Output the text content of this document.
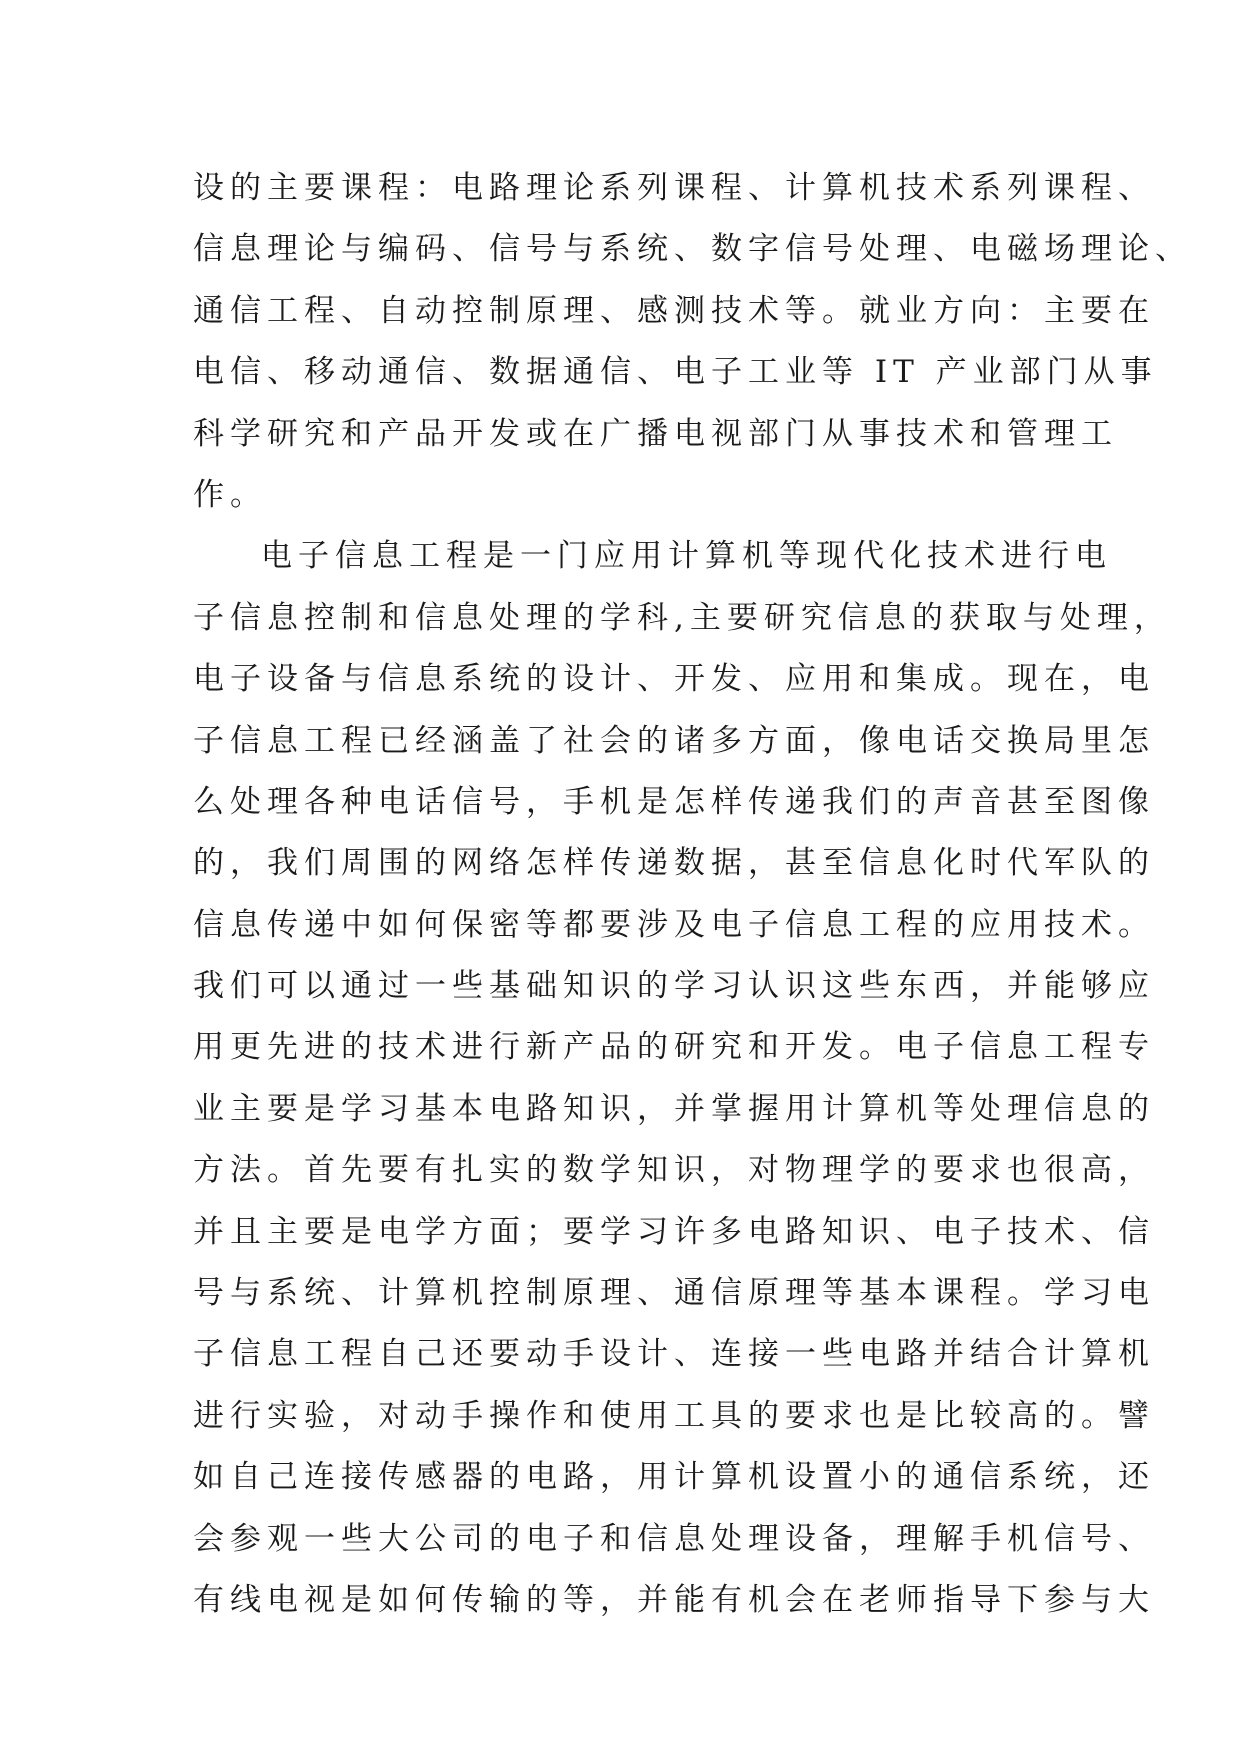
设的主要课程：电路理论系列课程、计算机技术系列课程、
信息理论与编码、信号与系统、数字信号处理、电磁场理论、
通信工程、自动控制原理、感测技术等。就业方向：主要在
电信、移动通信、数据通信、电子工业等 IT 产业部门从事
科学研究和产品开发或在广播电视部门从事技术和管理工
作。
电子信息工程是一门应用计算机等现代化技术进行电
子信息控制和信息处理的学科,主要研究信息的获取与处理，
电子设备与信息系统的设计、开发、应用和集成。现在，电
子信息工程已经涵盖了社会的诸多方面，像电话交换局里怎
么处理各种电话信号，手机是怎样传递我们的声音甚至图像
的，我们周围的网络怎样传递数据，甚至信息化时代军队的
信息传递中如何保密等都要涉及电子信息工程的应用技术。
我们可以通过一些基础知识的学习认识这些东西，并能够应
用更先进的技术进行新产品的研究和开发。电子信息工程专
业主要是学习基本电路知识，并掌握用计算机等处理信息的
方法。首先要有扎实的数学知识，对物理学的要求也很高，
并且主要是电学方面；要学习许多电路知识、电子技术、信
号与系统、计算机控制原理、通信原理等基本课程。学习电
子信息工程自己还要动手设计、连接一些电路并结合计算机
进行实验，对动手操作和使用工具的要求也是比较高的。譬
如自己连接传感器的电路，用计算机设置小的通信系统，还
会参观一些大公司的电子和信息处理设备，理解手机信号、
有线电视是如何传输的等，并能有机会在老师指导下参与大
